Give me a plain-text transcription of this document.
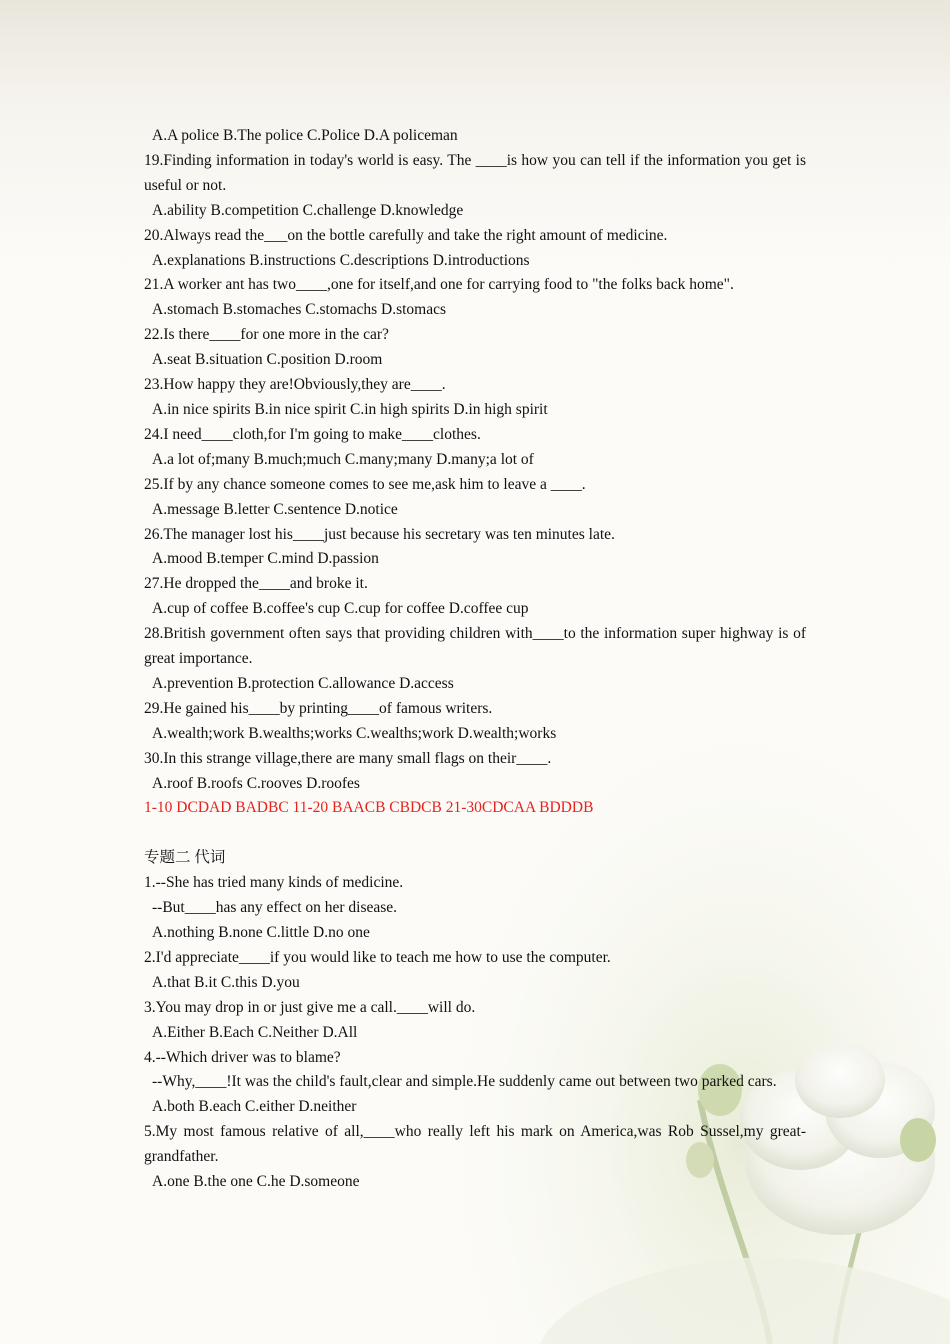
A.A police B.The police C.Police D.A policeman
19.Finding information in today's world is easy. The ____is how you can tell if the information you get is useful or not.
A.ability B.competition C.challenge D.knowledge
20.Always read the___on the bottle carefully and take the right amount of medicine.
A.explanations B.instructions C.descriptions D.introductions
21.A worker ant has two____,one for itself,and one for carrying food to "the folks back home".
A.stomach B.stomaches C.stomachs D.stomacs
22.Is there____for one more in the car?
A.seat B.situation C.position D.room
23.How happy they are!Obviously,they are____.
A.in nice spirits B.in nice spirit C.in high spirits D.in high spirit
24.I need____cloth,for I'm going to make____clothes.
A.a lot of;many B.much;much C.many;many D.many;a lot of
25.If by any chance someone comes to see me,ask him to leave a ____.
A.message B.letter C.sentence D.notice
26.The manager lost his____just because his secretary was ten minutes late.
A.mood B.temper C.mind D.passion
27.He dropped the____and broke it.
A.cup of coffee B.coffee's cup C.cup for coffee D.coffee cup
28.British government often says that providing children with____to the information super highway is of great importance.
A.prevention B.protection C.allowance D.access
29.He gained his____by printing____of famous writers.
A.wealth;work B.wealths;works C.wealths;work D.wealth;works
30.In this strange village,there are many small flags on their____.
A.roof B.roofs C.rooves D.roofes
1-10 DCDAD BADBC 11-20 BAACB CBDCB 21-30CDCAA BDDDB
专题二 代词
1.--She has tried many kinds of medicine.
--But____has any effect on her disease.
A.nothing B.none C.little D.no one
2.I'd appreciate____if you would like to teach me how to use the computer.
A.that B.it C.this D.you
3.You may drop in or just give me a call.____will do.
A.Either B.Each C.Neither D.All
4.--Which driver was to blame?
--Why,____!It was the child's fault,clear and simple.He suddenly came out between two parked cars.
A.both B.each C.either D.neither
5.My most famous relative of all,____who really left his mark on America,was Rob Sussel,my great-grandfather.
A.one B.the one C.he D.someone
